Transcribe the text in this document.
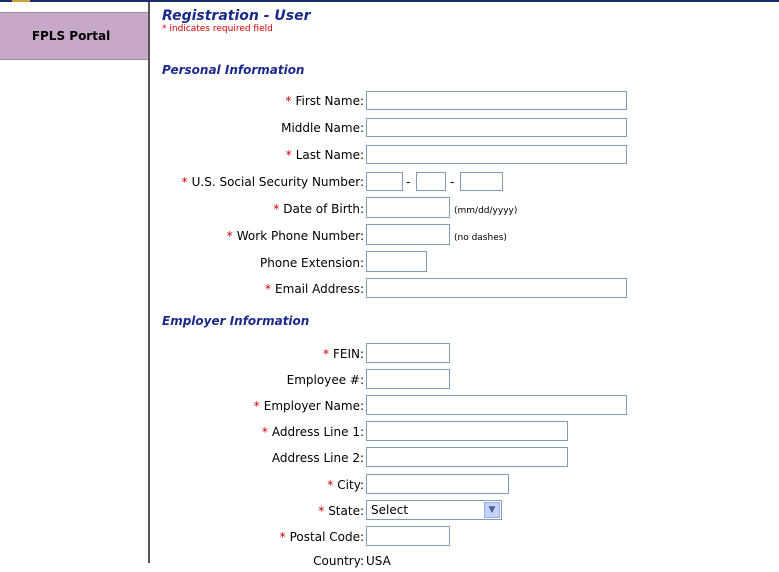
FPLS Portal
Registration - User
* indicates required field
Personal Information
* First Name:
Middle Name:
* Last Name:
* U.S. Social Security Number:	-	-
* Date of Birth:	(mm/dd/yyyy)
* Work Phone Number:	(no dashes)
Phone Extension:
* Email Address:
Employer Information
* FEIN:
Employee #:
* Employer Name:
* Address Line 1:
Address Line 2:
* City:
* State: Select	▼
* Postal Code:
Country: USA
